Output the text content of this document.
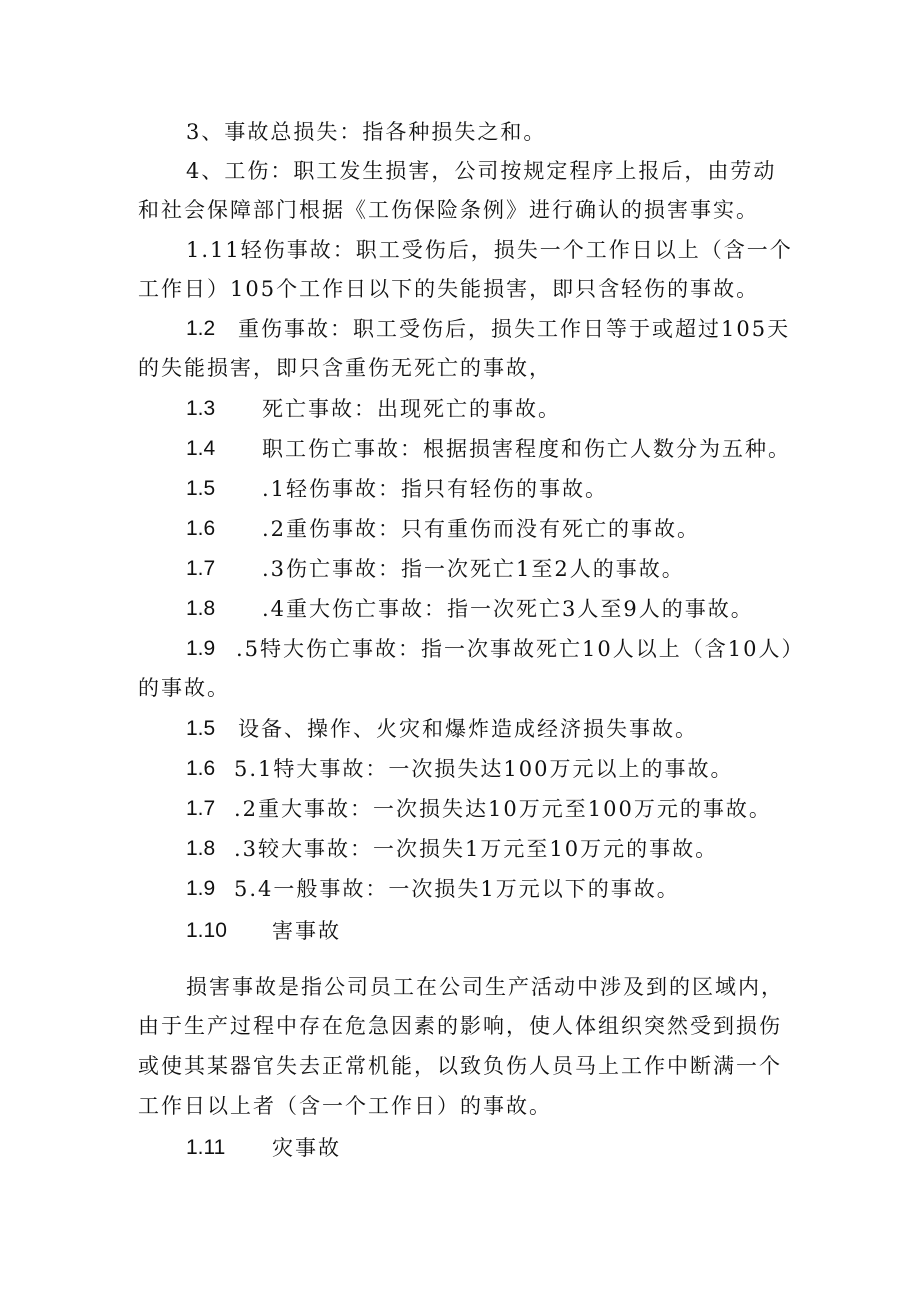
3、事故总损失：指各种损失之和。
4、工伤：职工发生损害，公司按规定程序上报后，由劳动
和社会保障部门根据《工伤保险条例》进行确认的损害事实。
1.11轻伤事故：职工受伤后，损失一个工作日以上（含一个
工作日）105个工作日以下的失能损害，即只含轻伤的事故。
1.2 重伤事故：职工受伤后，损失工作日等于或超过105天
的失能损害，即只含重伤无死亡的事故，
1.3 死亡事故：出现死亡的事故。
1.4 职工伤亡事故：根据损害程度和伤亡人数分为五种。
1.5 .1轻伤事故：指只有轻伤的事故。
1.6 .2重伤事故：只有重伤而没有死亡的事故。
1.7 .3伤亡事故：指一次死亡1至2人的事故。
1.8 .4重大伤亡事故：指一次死亡3人至9人的事故。
1.9 .5特大伤亡事故：指一次事故死亡10人以上（含10人）
的事故。
1.5 设备、操作、火灾和爆炸造成经济损失事故。
1.6 5.1特大事故：一次损失达100万元以上的事故。
1.7 .2重大事故：一次损失达10万元至100万元的事故。
1.8 .3较大事故：一次损失1万元至10万元的事故。
1.9 5.4一般事故：一次损失1万元以下的事故。
1.10 害事故
损害事故是指公司员工在公司生产活动中涉及到的区域内，
由于生产过程中存在危急因素的影响，使人体组织突然受到损伤
或使其某器官失去正常机能，以致负伤人员马上工作中断满一个
工作日以上者（含一个工作日）的事故。
1.11 灾事故
